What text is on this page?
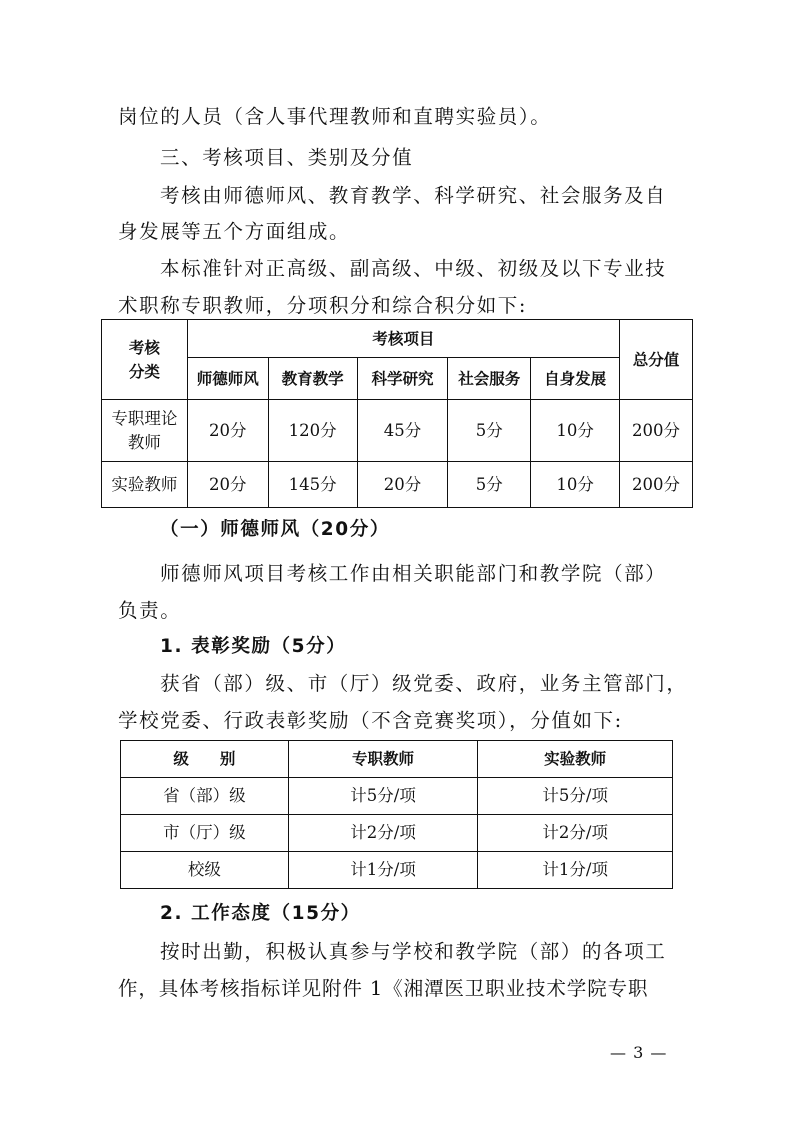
岗位的人员（含人事代理教师和直聘实验员）。
三、考核项目、类别及分值
考核由师德师风、教育教学、科学研究、社会服务及自
身发展等五个方面组成。
本标准针对正高级、副高级、中级、初级及以下专业技
术职称专职教师，分项积分和综合积分如下:
考核
分类	考核项目					总分值
	师德师风	教育教学	科学研究	社会服务	自身发展	

专职理论
教师	20分	120分	45分	5分	10分	200分
实验教师	20分	145分	20分	5分	10分	200分
（一）师德师风（20分）
师德师风项目考核工作由相关职能部门和教学院（部）
负责。
1. 表彰奖励（5分）
获省（部）级、市（厅）级党委、政府，业务主管部门，
学校党委、行政表彰奖励（不含竞赛奖项），分值如下:
级　　别	专职教师	实验教师
省（部）级	计5分/项	计5分/项
市（厅）级	计2分/项	计2分/项
校级	计1分/项	计1分/项
2. 工作态度（15分）
按时出勤，积极认真参与学校和教学院（部）的各项工
作，具体考核指标详见附件 1《湘潭医卫职业技术学院专职
— 3 —
